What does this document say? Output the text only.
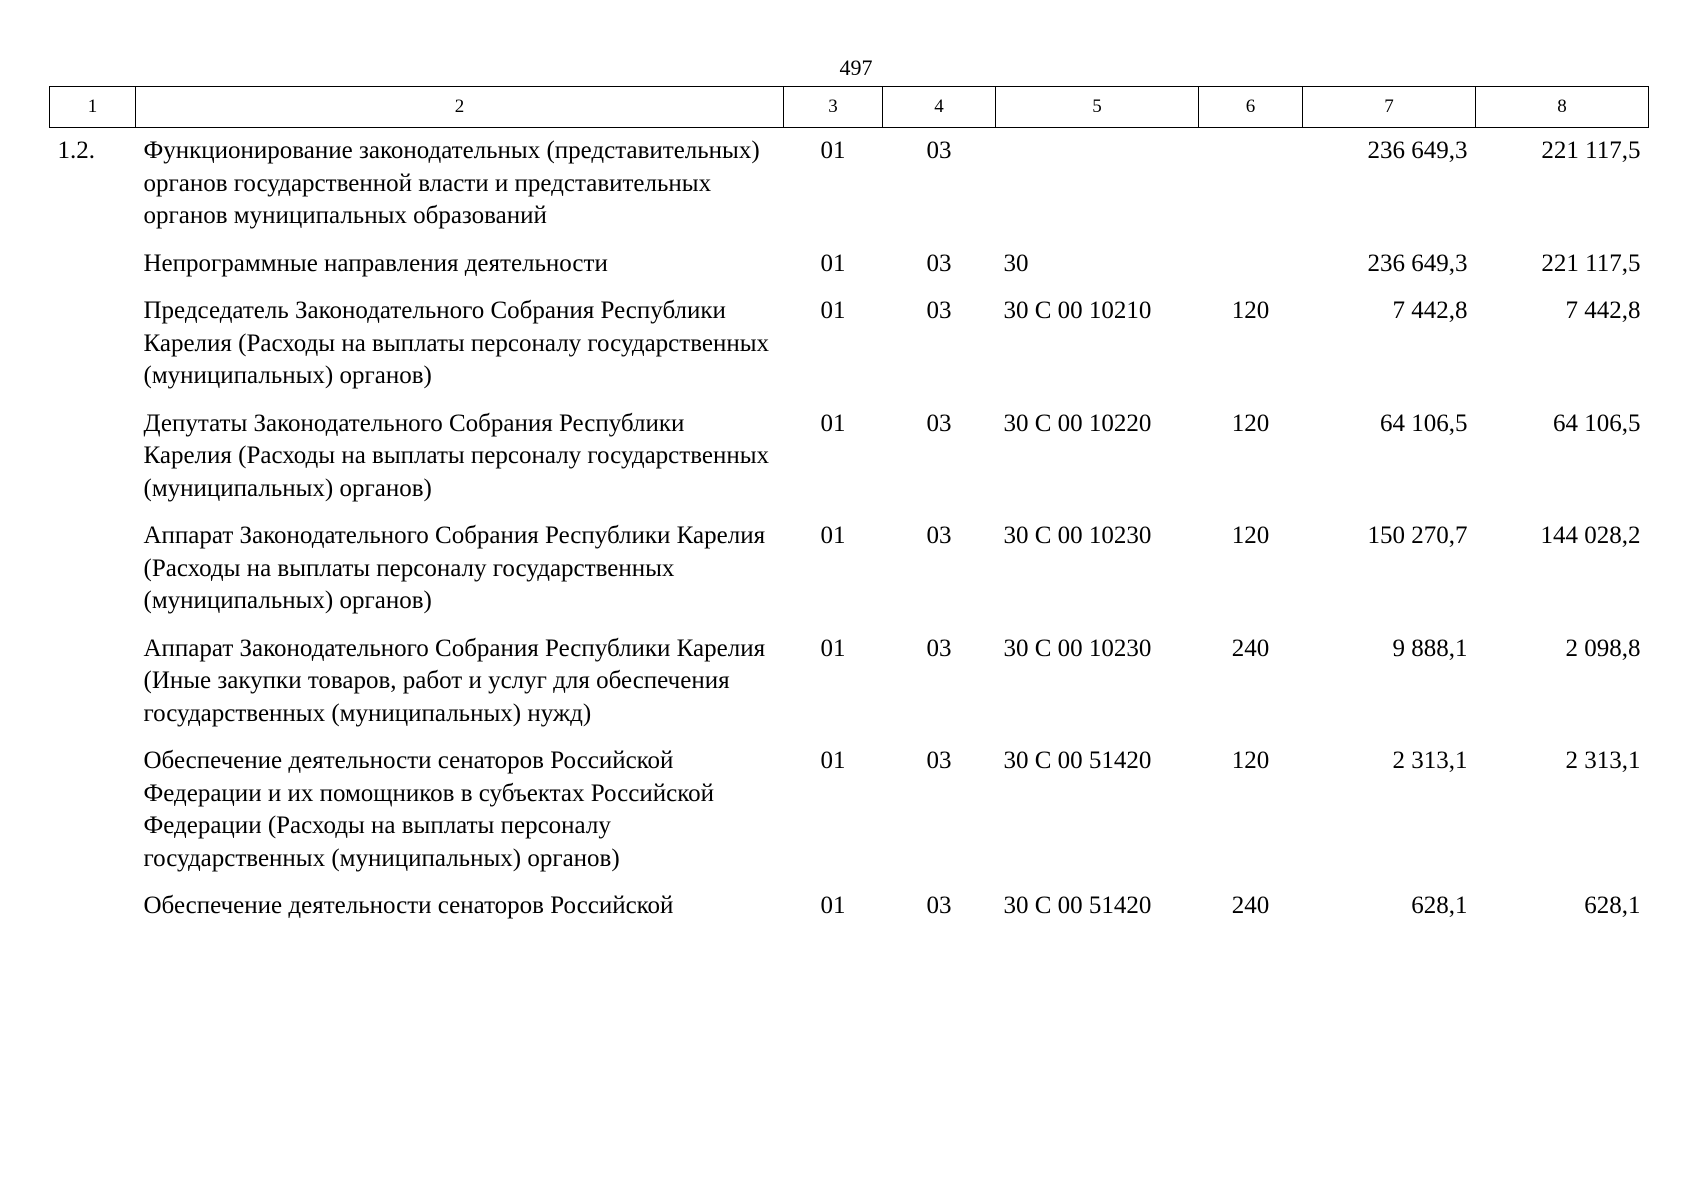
497
1	2	3	4	5	6	7	8
1.2.	Функционирование законодательных (представительных) органов государственной власти и представительных органов муниципальных образований	01	03			236 649,3	221 117,5
	Непрограммные направления деятельности	01	03	30		236 649,3	221 117,5
	Председатель Законодательного Собрания Республики Карелия (Расходы на выплаты персоналу государственных (муниципальных) органов)	01	03	30 С 00 10210	120	7 442,8	7 442,8
	Депутаты Законодательного Собрания Республики Карелия (Расходы на выплаты персоналу государственных (муниципальных) органов)	01	03	30 С 00 10220	120	64 106,5	64 106,5
	Аппарат Законодательного Собрания Республики Карелия (Расходы на выплаты персоналу государственных (муниципальных) органов)	01	03	30 С 00 10230	120	150 270,7	144 028,2
	Аппарат Законодательного Собрания Республики Карелия (Иные закупки товаров, работ и услуг для обеспечения государственных (муниципальных) нужд)	01	03	30 С 00 10230	240	9 888,1	2 098,8
	Обеспечение деятельности сенаторов Российской Федерации и их помощников в субъектах Российской Федерации (Расходы на выплаты персоналу государственных (муниципальных) органов)	01	03	30 С 00 51420	120	2 313,1	2 313,1
	Обеспечение деятельности сенаторов Российской	01	03	30 С 00 51420	240	628,1	628,1
